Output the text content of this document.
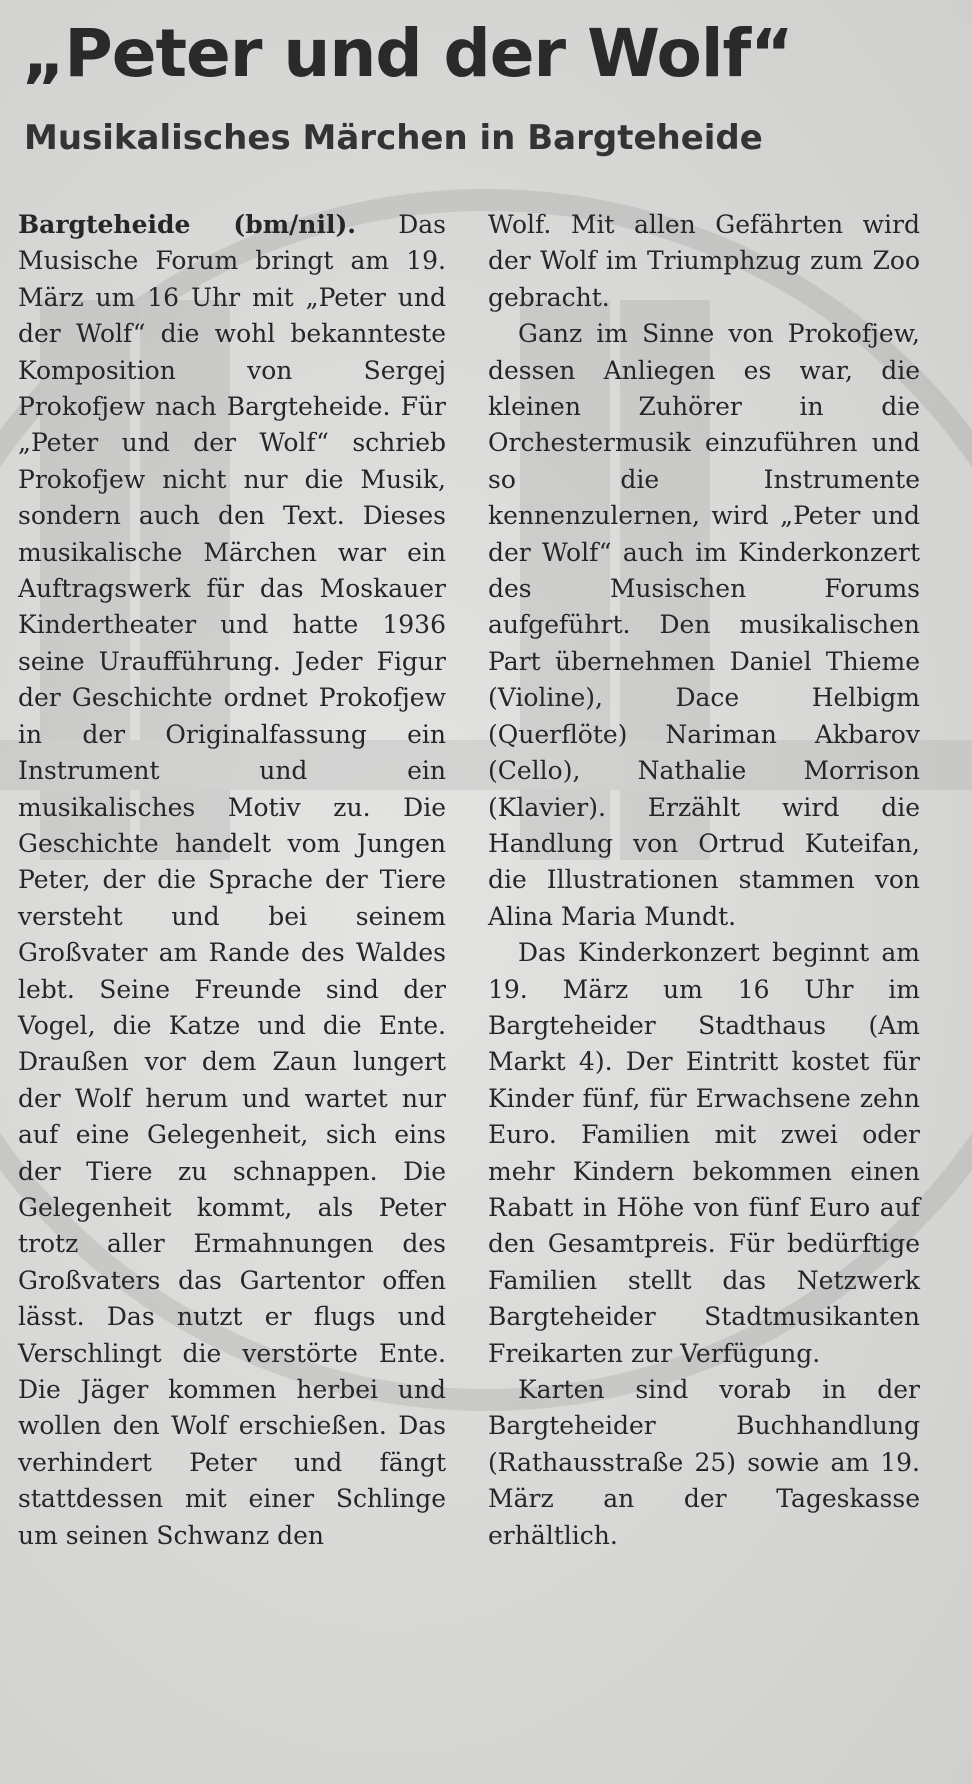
„Peter und der Wolf“
Musikalisches Märchen in Bargteheide

Bargteheide (bm/nil). Das Musische Forum bringt am 19. März um 16 Uhr mit „Peter und der Wolf“ die wohl bekannteste Komposition von Sergej Prokofjew nach Bargteheide. Für „Peter und der Wolf“ schrieb Prokofjew nicht nur die Musik, sondern auch den Text. Dieses musikalische Märchen war ein Auftragswerk für das Moskauer Kindertheater und hatte 1936 seine Uraufführung. Jeder Figur der Geschichte ordnet Prokofjew in der Originalfassung ein Instrument und ein musikalisches Motiv zu. Die Geschichte handelt vom Jungen Peter, der die Sprache der Tiere versteht und bei seinem Großvater am Rande des Waldes lebt. Seine Freunde sind der Vogel, die Katze und die Ente. Draußen vor dem Zaun lungert der Wolf herum und wartet nur auf eine Gelegenheit, sich eins der Tiere zu schnappen. Die Gelegenheit kommt, als Peter trotz aller Ermahnungen des Großvaters das Gartentor offen lässt. Das nutzt er flugs und Verschlingt die verstörte Ente. Die Jäger kommen herbei und wollen den Wolf erschießen. Das verhindert Peter und fängt stattdessen mit einer Schlinge um seinen Schwanz den

Wolf. Mit allen Gefährten wird der Wolf im Triumphzug zum Zoo gebracht.

Ganz im Sinne von Prokofjew, dessen Anliegen es war, die kleinen Zuhörer in die Orchestermusik einzuführen und so die Instrumente kennenzulernen, wird „Peter und der Wolf“ auch im Kinderkonzert des Musischen Forums aufgeführt. Den musikalischen Part übernehmen Daniel Thieme (Violine), Dace Helbigm (Querflöte) Nariman Akbarov (Cello), Nathalie Morrison (Klavier). Erzählt wird die Handlung von Ortrud Kuteifan, die Illustrationen stammen von Alina Maria Mundt.

Das Kinderkonzert beginnt am 19. März um 16 Uhr im Bargteheider Stadthaus (Am Markt 4). Der Eintritt kostet für Kinder fünf, für Erwachsene zehn Euro. Familien mit zwei oder mehr Kindern bekommen einen Rabatt in Höhe von fünf Euro auf den Gesamtpreis. Für bedürftige Familien stellt das Netzwerk Bargteheider Stadtmusikanten Freikarten zur Verfügung.

Karten sind vorab in der Bargteheider Buchhandlung (Rathausstraße 25) sowie am 19. März an der Tageskasse erhältlich.
